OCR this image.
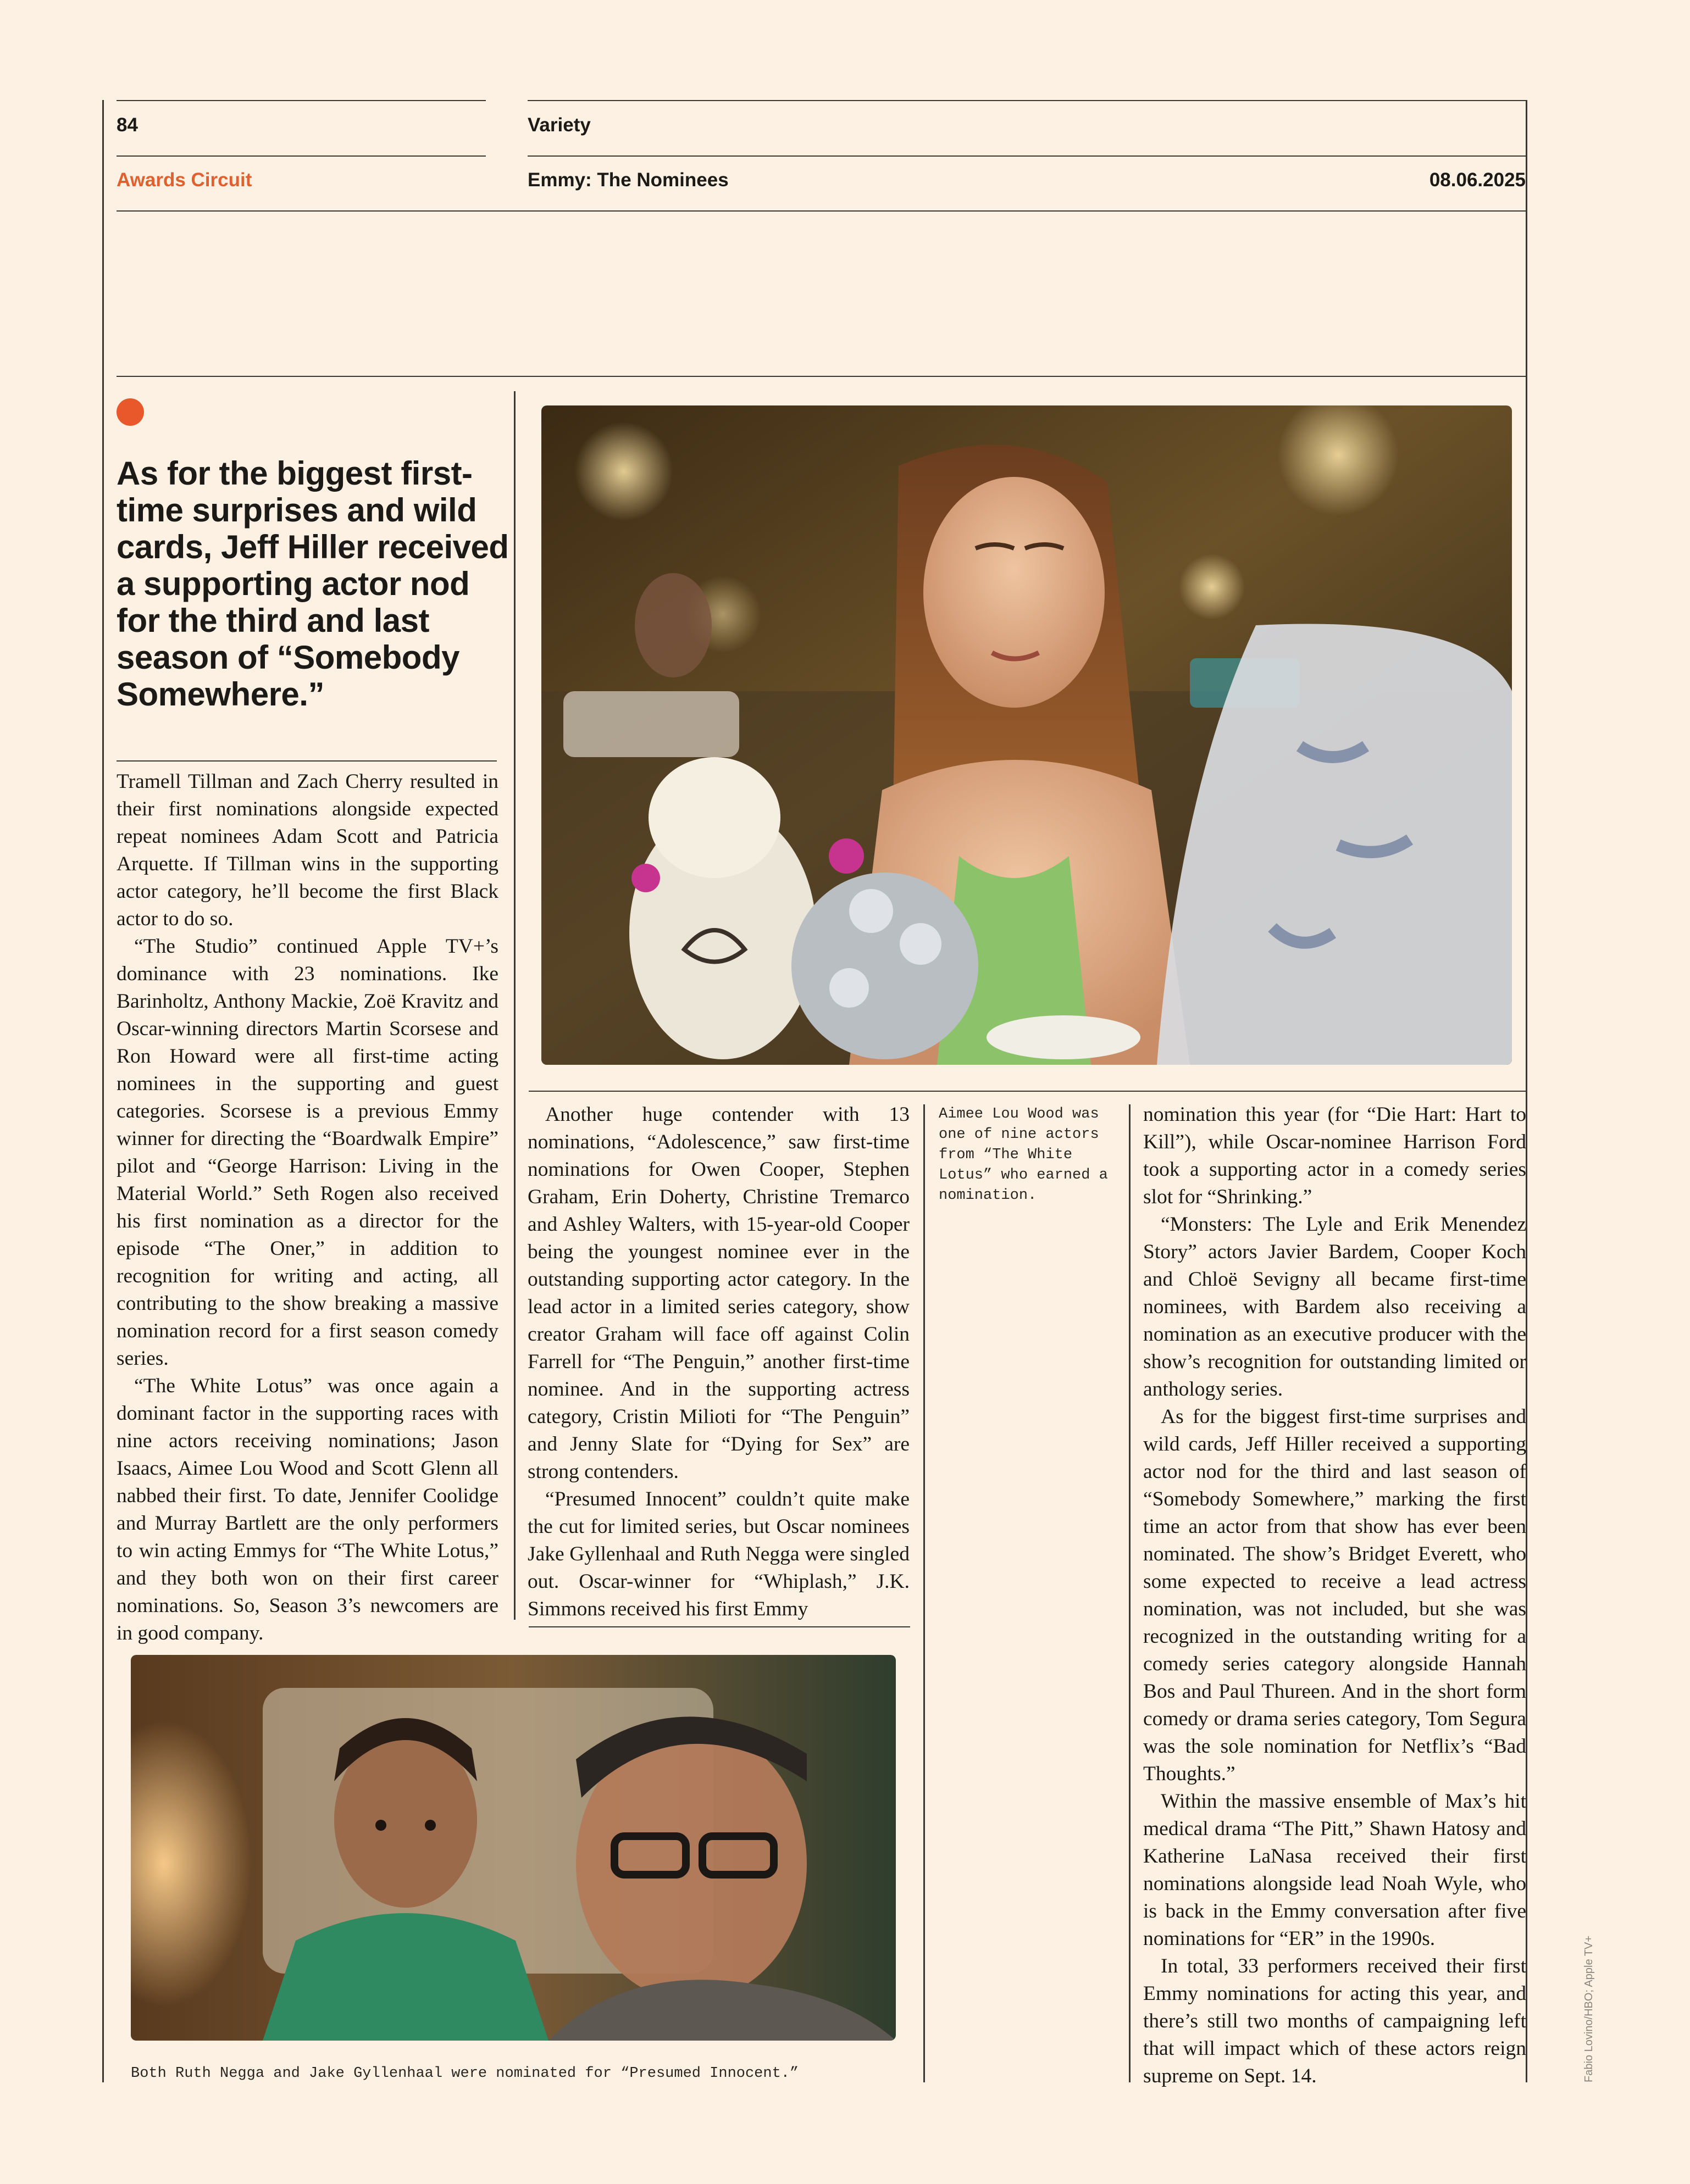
84	Variety
Awards Circuit	Emmy: The Nominees	08.06.2025
As for the biggest first-time surprises and wild cards, Jeff Hiller received a supporting actor nod for the third and last season of “Somebody Somewhere.”

Tramell Tillman and Zach Cherry resulted in their first nominations alongside expected repeat nominees Adam Scott and Patricia Arquette. If Tillman wins in the supporting actor category, he’ll become the first Black actor to do so.

“The Studio” continued Apple TV+’s dominance with 23 nominations. Ike Barinholtz, Anthony Mackie, Zoë Kravitz and Oscar-winning directors Martin Scorsese and Ron Howard were all first-time acting nominees in the supporting and guest categories. Scorsese is a previous Emmy winner for directing the “Boardwalk Empire” pilot and “George Harrison: Living in the Material World.” Seth Rogen also received his first nomination as a director for the episode “The Oner,” in addition to recognition for writing and acting, all contributing to the show breaking a massive nomination record for a first season comedy series.

“The White Lotus” was once again a dominant factor in the supporting races with nine actors receiving nominations; Jason Isaacs, Aimee Lou Wood and Scott Glenn all nabbed their first. To date, Jennifer Coolidge and Murray Bartlett are the only performers to win acting Emmys for “The White Lotus,” and they both won on their first career nominations. So, Season 3’s newcomers are in good company.

Another huge contender with 13 nominations, “Adolescence,” saw first-time nominations for Owen Cooper, Stephen Graham, Erin Doherty, Christine Tremarco and Ashley Walters, with 15-year-old Cooper being the youngest nominee ever in the outstanding supporting actor category. In the lead actor in a limited series category, show creator Graham will face off against Colin Farrell for “The Penguin,” another first-time nominee. And in the supporting actress category, Cristin Milioti for “The Penguin” and Jenny Slate for “Dying for Sex” are strong contenders.

“Presumed Innocent” couldn’t quite make the cut for limited series, but Oscar nominees Jake Gyllenhaal and Ruth Negga were singled out. Oscar-winner for “Whiplash,” J.K. Simmons received his first Emmy

nomination this year (for “Die Hart: Hart to Kill”), while Oscar-nominee Harrison Ford took a supporting actor in a comedy series slot for “Shrinking.”

“Monsters: The Lyle and Erik Menendez Story” actors Javier Bardem, Cooper Koch and Chloë Sevigny all became first-time nominees, with Bardem also receiving a nomination as an executive producer with the show’s recognition for outstanding limited or anthology series.

As for the biggest first-time surprises and wild cards, Jeff Hiller received a supporting actor nod for the third and last season of “Somebody Somewhere,” marking the first time an actor from that show has ever been nominated. The show’s Bridget Everett, who some expected to receive a lead actress nomination, was not included, but she was recognized in the outstanding writing for a comedy series category alongside Hannah Bos and Paul Thureen. And in the short form comedy or drama series category, Tom Segura was the sole nomination for Netflix’s “Bad Thoughts.”

Within the massive ensemble of Max’s hit medical drama “The Pitt,” Shawn Hatosy and Katherine LaNasa received their first nominations alongside lead Noah Wyle, who is back in the Emmy conversation after five nominations for “ER” in the 1990s.

In total, 33 performers received their first Emmy nominations for acting this year, and there’s still two months of campaigning left that will impact which of these actors reign supreme on Sept. 14.

Aimee Lou Wood was one of nine actors from “The White Lotus” who earned a nomination.
Both Ruth Negga and Jake Gyllenhaal were nominated for “Presumed Innocent.”	Fabio Lovino/HBO; Apple TV+
